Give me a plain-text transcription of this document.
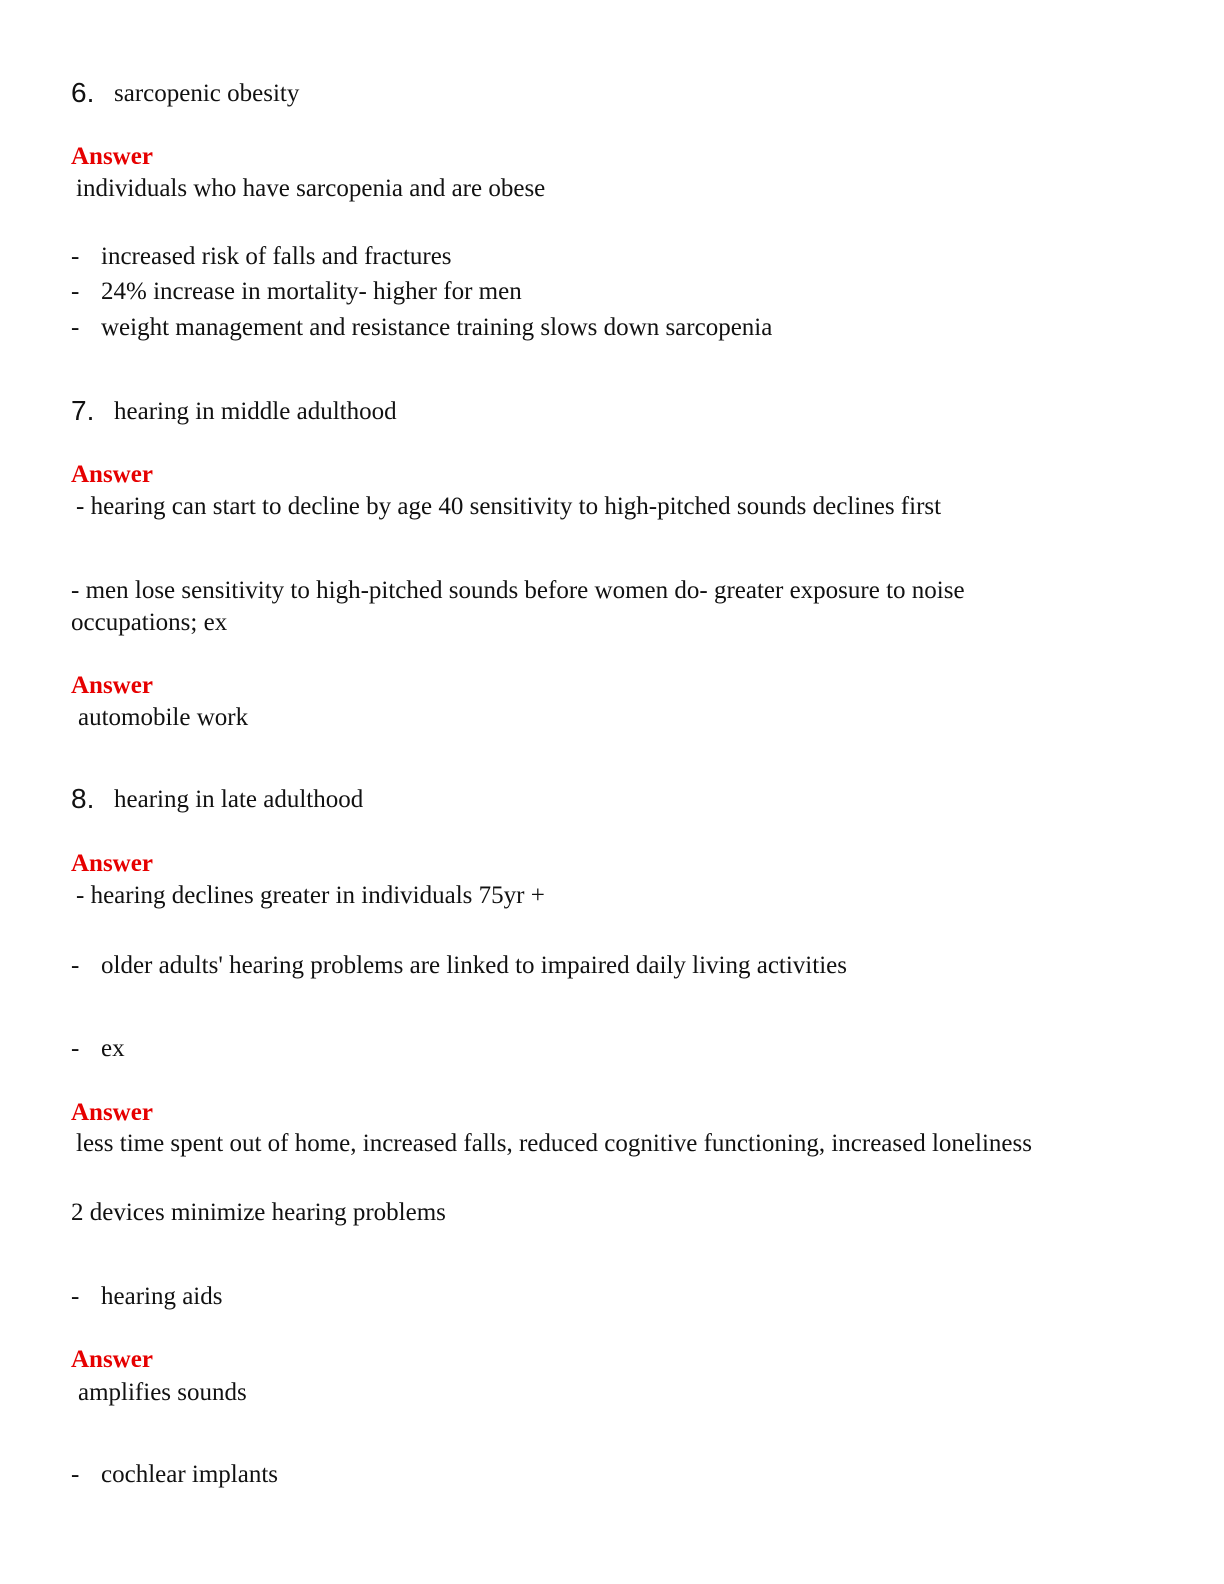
6. sarcopenic obesity
Answer
individuals who have sarcopenia and are obese
- increased risk of falls and fractures
- 24% increase in mortality- higher for men
- weight management and resistance training slows down sarcopenia
7. hearing in middle adulthood
Answer
- hearing can start to decline by age 40 sensitivity to high-pitched sounds declines first
- men lose sensitivity to high-pitched sounds before women do- greater exposure to noise
occupations; ex
Answer
automobile work
8. hearing in late adulthood
Answer
- hearing declines greater in individuals 75yr +
- older adults' hearing problems are linked to impaired daily living activities
- ex
Answer
less time spent out of home, increased falls, reduced cognitive functioning, increased loneliness
2 devices minimize hearing problems
- hearing aids
Answer
amplifies sounds
- cochlear implants
